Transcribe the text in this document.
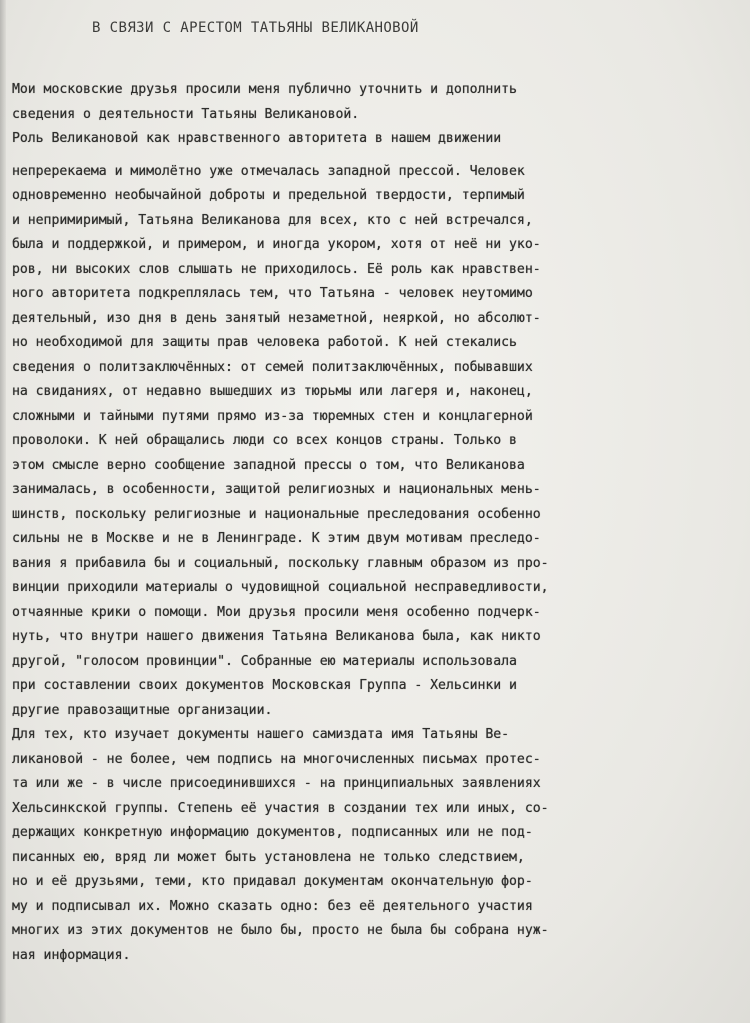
В СВЯЗИ С АРЕСТОМ ТАТЬЯНЫ ВЕЛИКАНОВОЙ
Мои московские друзья просили меня публично уточнить и дополнить
сведения о деятельности Татьяны Великановой.
Роль Великановой как нравственного авторитета в нашем движении
непререкаема и мимолётно уже отмечалась западной прессой. Человек
одновременно необычайной доброты и предельной твердости, терпимый
и непримиримый, Татьяна Великанова для всех, кто с ней встречался,
была и поддержкой, и примером, и иногда укором, хотя от неё ни уко-
ров, ни высоких слов слышать не приходилось. Её роль как нравствен-
ного авторитета подкреплялась тем, что Татьяна - человек неутомимо
деятельный, изо дня в день занятый незаметной, неяркой, но абсолют-
но необходимой для защиты прав человека работой. К ней стекались
сведения о политзаключённых: от семей политзаключённых, побывавших
на свиданиях, от недавно вышедших из тюрьмы или лагеря и, наконец,
сложными и тайными путями прямо из-за тюремных стен и концлагерной
проволоки. К ней обращались люди со всех концов страны. Только в
этом смысле верно сообщение западной прессы о том, что Великанова
занималась, в особенности, защитой религиозных и национальных мень-
шинств, поскольку религиозные и национальные преследования особенно
сильны не в Москве и не в Ленинграде. К этим двум мотивам преследо-
вания я прибавила бы и социальный, поскольку главным образом из про-
винции приходили материалы о чудовищной социальной несправедливости,
отчаянные крики о помощи. Мои друзья просили меня особенно подчерк-
нуть, что внутри нашего движения Татьяна Великанова была, как никто
другой, "голосом провинции". Собранные ею материалы использовала
при составлении своих документов Московская Группа - Хельсинки и
другие правозащитные организации.
Для тех, кто изучает документы нашего самиздата имя Татьяны Ве-
ликановой - не более, чем подпись на многочисленных письмах протес-
та или же - в числе присоединившихся - на принципиальных заявлениях
Хельсинкской группы. Степень её участия в создании тех или иных, со-
держащих конкретную информацию документов, подписанных или не под-
писанных ею, вряд ли может быть установлена не только следствием,
но и её друзьями, теми, кто придавал документам окончательную фор-
му и подписывал их. Можно сказать одно: без её деятельного участия
многих из этих документов не было бы, просто не была бы собрана нуж-
ная информация.
